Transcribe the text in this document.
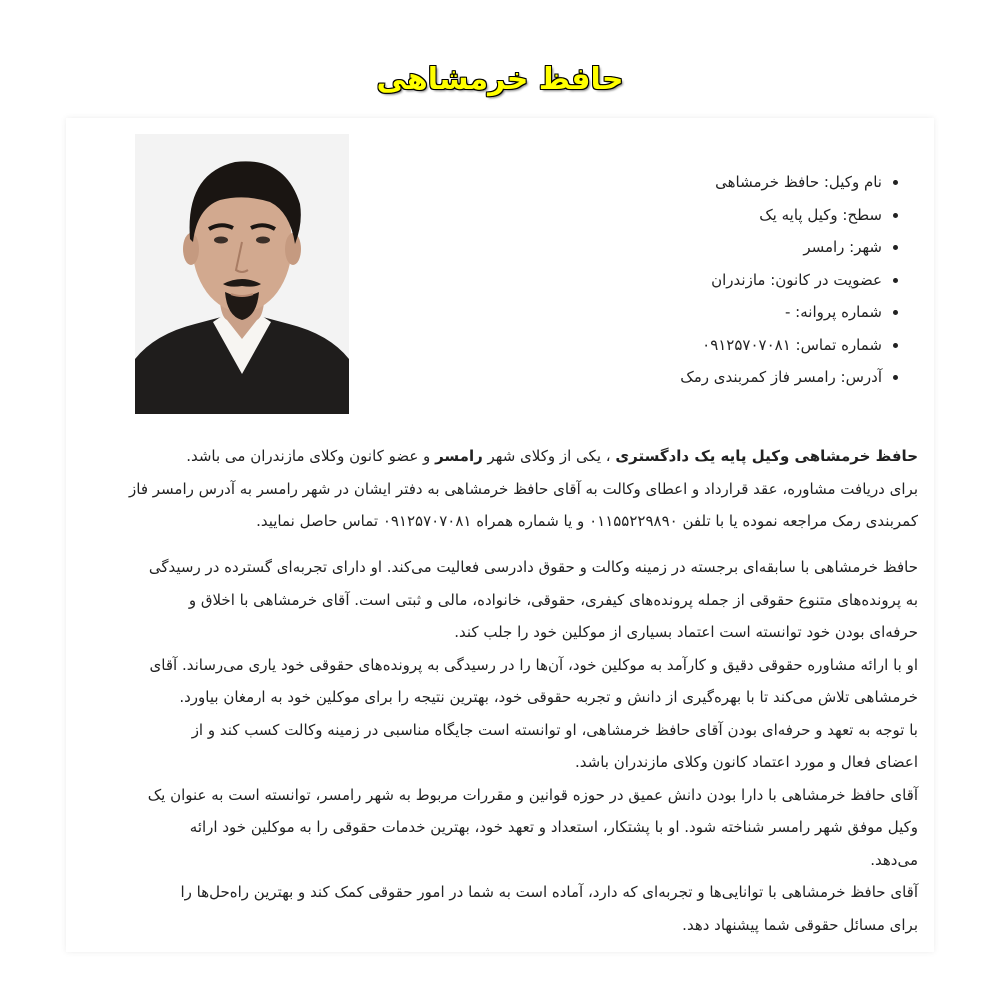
حافظ خرمشاهی
نام وکیل: حافظ خرمشاهی
سطح: وکیل پایه یک
شهر: رامسر
عضویت در کانون: مازندران
شماره پروانه: -
شماره تماس: ۰۹۱۲۵۷۰۷۰۸۱
آدرس: رامسر فاز کمربندی رمک
حافظ خرمشاهی وکیل پایه یک دادگستری ، یکی از وکلای شهر رامسر و عضو کانون وکلای مازندران می باشد.
برای دریافت مشاوره، عقد قرارداد و اعطای وکالت به آقای حافظ خرمشاهی به دفتر ایشان در شهر رامسر به آدرس رامسر فاز
کمربندی رمک مراجعه نموده یا با تلفن ۰۱۱۵۵۲۲۹۸۹۰ و یا شماره همراه ۰۹۱۲۵۷۰۷۰۸۱ تماس حاصل نمایید.
حافظ خرمشاهی با سابقه‌ای برجسته در زمینه وکالت و حقوق دادرسی فعالیت می‌کند. او دارای تجربه‌ای گسترده در رسیدگی
به پرونده‌های متنوع حقوقی از جمله پرونده‌های کیفری، حقوقی، خانواده، مالی و ثبتی است. آقای خرمشاهی با اخلاق و
حرفه‌ای بودن خود توانسته است اعتماد بسیاری از موکلین خود را جلب کند.
او با ارائه مشاوره حقوقی دقیق و کارآمد به موکلین خود، آن‌ها را در رسیدگی به پرونده‌های حقوقی خود یاری می‌رساند. آقای
خرمشاهی تلاش می‌کند تا با بهره‌گیری از دانش و تجربه حقوقی خود، بهترین نتیجه را برای موکلین خود به ارمغان بیاورد.
با توجه به تعهد و حرفه‌ای بودن آقای حافظ خرمشاهی، او توانسته است جایگاه مناسبی در زمینه وکالت کسب کند و از
اعضای فعال و مورد اعتماد کانون وکلای مازندران باشد.
آقای حافظ خرمشاهی با دارا بودن دانش عمیق در حوزه قوانین و مقررات مربوط به شهر رامسر، توانسته است به عنوان یک
وکیل موفق شهر رامسر شناخته شود. او با پشتکار، استعداد و تعهد خود، بهترین خدمات حقوقی را به موکلین خود ارائه
می‌دهد.
آقای حافظ خرمشاهی با توانایی‌ها و تجربه‌ای که دارد، آماده است به شما در امور حقوقی کمک کند و بهترین راه‌حل‌ها را
برای مسائل حقوقی شما پیشنهاد دهد.
